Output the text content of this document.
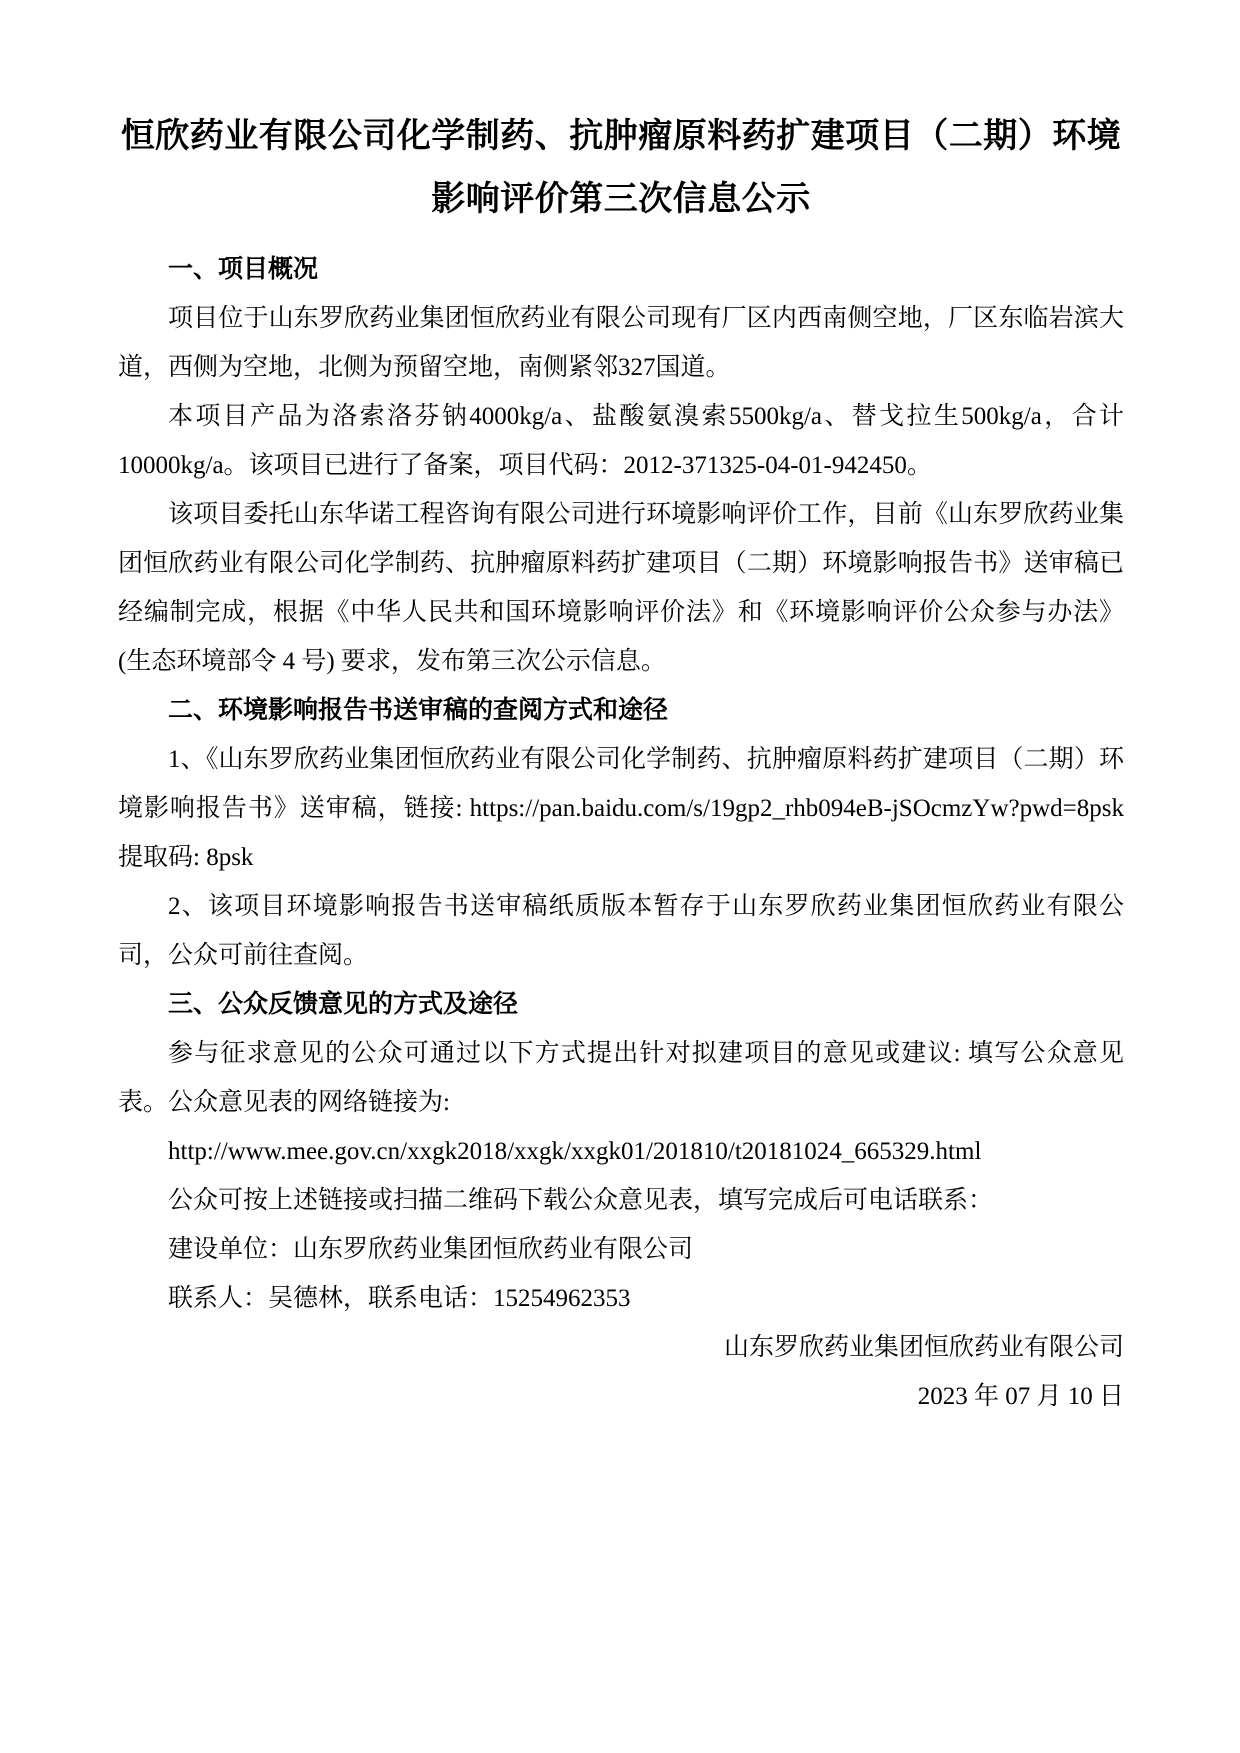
恒欣药业有限公司化学制药、抗肿瘤原料药扩建项目（二期）环境影响评价第三次信息公示

一、项目概况

项目位于山东罗欣药业集团恒欣药业有限公司现有厂区内西南侧空地，厂区东临岩滨大道，西侧为空地，北侧为预留空地，南侧紧邻327国道。

本项目产品为洛索洛芬钠4000kg/a、盐酸氨溴索5500kg/a、替戈拉生500kg/a，合计10000kg/a。该项目已进行了备案，项目代码：2012-371325-04-01-942450。

该项目委托山东华诺工程咨询有限公司进行环境影响评价工作，目前《山东罗欣药业集团恒欣药业有限公司化学制药、抗肿瘤原料药扩建项目（二期）环境影响报告书》送审稿已经编制完成，根据《中华人民共和国环境影响评价法》和《环境影响评价公众参与办法》 (生态环境部令 4 号) 要求，发布第三次公示信息。

二、环境影响报告书送审稿的查阅方式和途径

1、《山东罗欣药业集团恒欣药业有限公司化学制药、抗肿瘤原料药扩建项目（二期）环境影响报告书》送审稿，链接: https://pan.baidu.com/s/19gp2_rhb094eB-jSOcmzYw?pwd=8psk 提取码: 8psk

2、该项目环境影响报告书送审稿纸质版本暂存于山东罗欣药业集团恒欣药业有限公司，公众可前往查阅。

三、公众反馈意见的方式及途径

参与征求意见的公众可通过以下方式提出针对拟建项目的意见或建议: 填写公众意见表。公众意见表的网络链接为:

http://www.mee.gov.cn/xxgk2018/xxgk/xxgk01/201810/t20181024_665329.html

公众可按上述链接或扫描二维码下载公众意见表，填写完成后可电话联系：

建设单位：山东罗欣药业集团恒欣药业有限公司

联系人：吴德林，联系电话：15254962353

山东罗欣药业集团恒欣药业有限公司

2023 年 07 月 10 日
